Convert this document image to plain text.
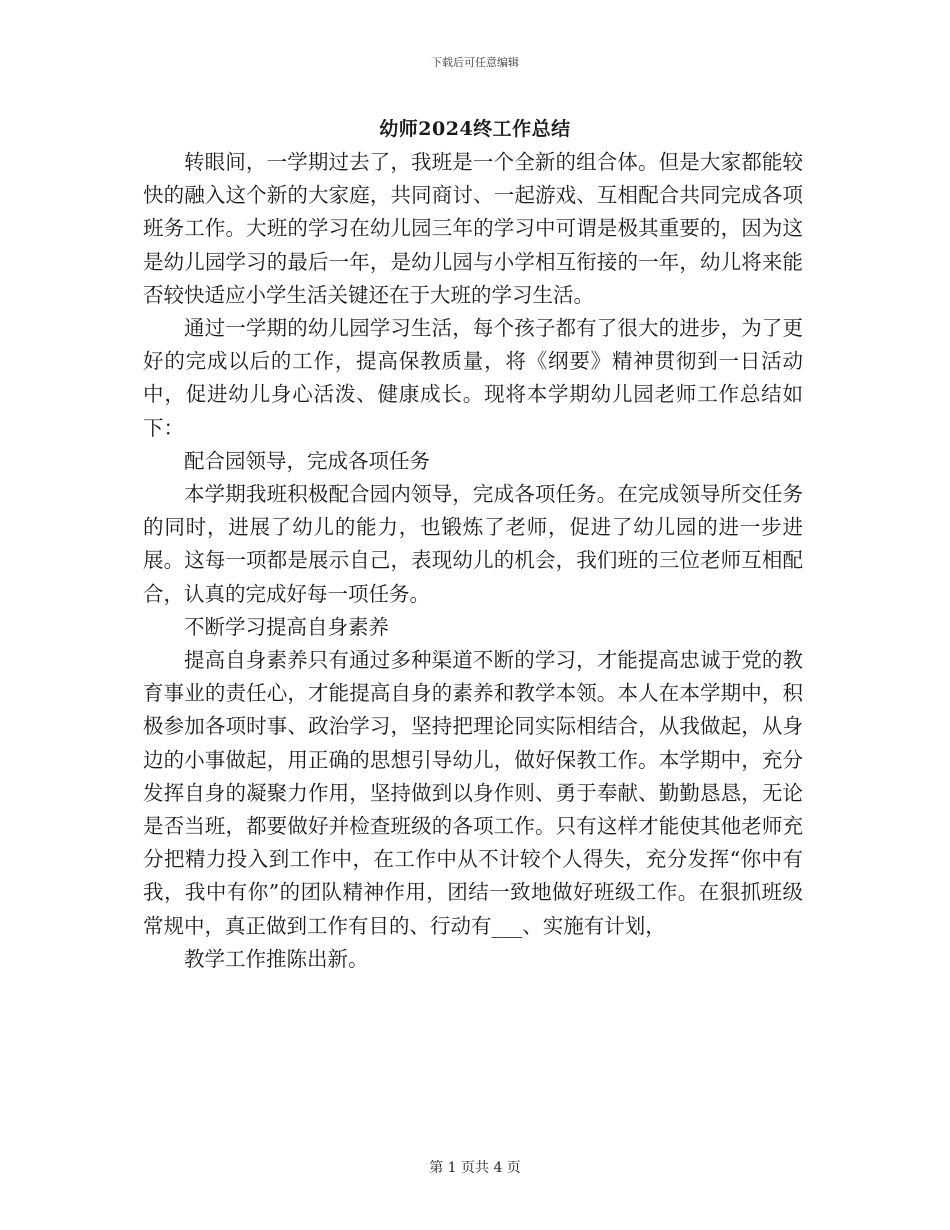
下载后可任意编辑
幼师2024终工作总结

转眼间，一学期过去了，我班是一个全新的组合体。但是大家都能较快的融入这个新的大家庭，共同商讨、一起游戏、互相配合共同完成各项班务工作。大班的学习在幼儿园三年的学习中可谓是极其重要的，因为这是幼儿园学习的最后一年，是幼儿园与小学相互衔接的一年，幼儿将来能否较快适应小学生活关键还在于大班的学习生活。

通过一学期的幼儿园学习生活，每个孩子都有了很大的进步，为了更好的完成以后的工作，提高保教质量，将《纲要》精神贯彻到一日活动中，促进幼儿身心活泼、健康成长。现将本学期幼儿园老师工作总结如下：

配合园领导，完成各项任务

本学期我班积极配合园内领导，完成各项任务。在完成领导所交任务的同时，进展了幼儿的能力，也锻炼了老师，促进了幼儿园的进一步进展。这每一项都是展示自己，表现幼儿的机会，我们班的三位老师互相配合，认真的完成好每一项任务。

不断学习提高自身素养

提高自身素养只有通过多种渠道不断的学习，才能提高忠诚于党的教育事业的责任心，才能提高自身的素养和教学本领。本人在本学期中，积极参加各项时事、政治学习，坚持把理论同实际相结合，从我做起，从身边的小事做起，用正确的思想引导幼儿，做好保教工作。本学期中，充分发挥自身的凝聚力作用，坚持做到以身作则、勇于奉献、勤勤恳恳，无论是否当班，都要做好并检查班级的各项工作。只有这样才能使其他老师充分把精力投入到工作中，在工作中从不计较个人得失，充分发挥“你中有我，我中有你”的团队精神作用，团结一致地做好班级工作。在狠抓班级常规中，真正做到工作有目的、行动有___、实施有计划，

教学工作推陈出新。

第 1 页共 4 页
